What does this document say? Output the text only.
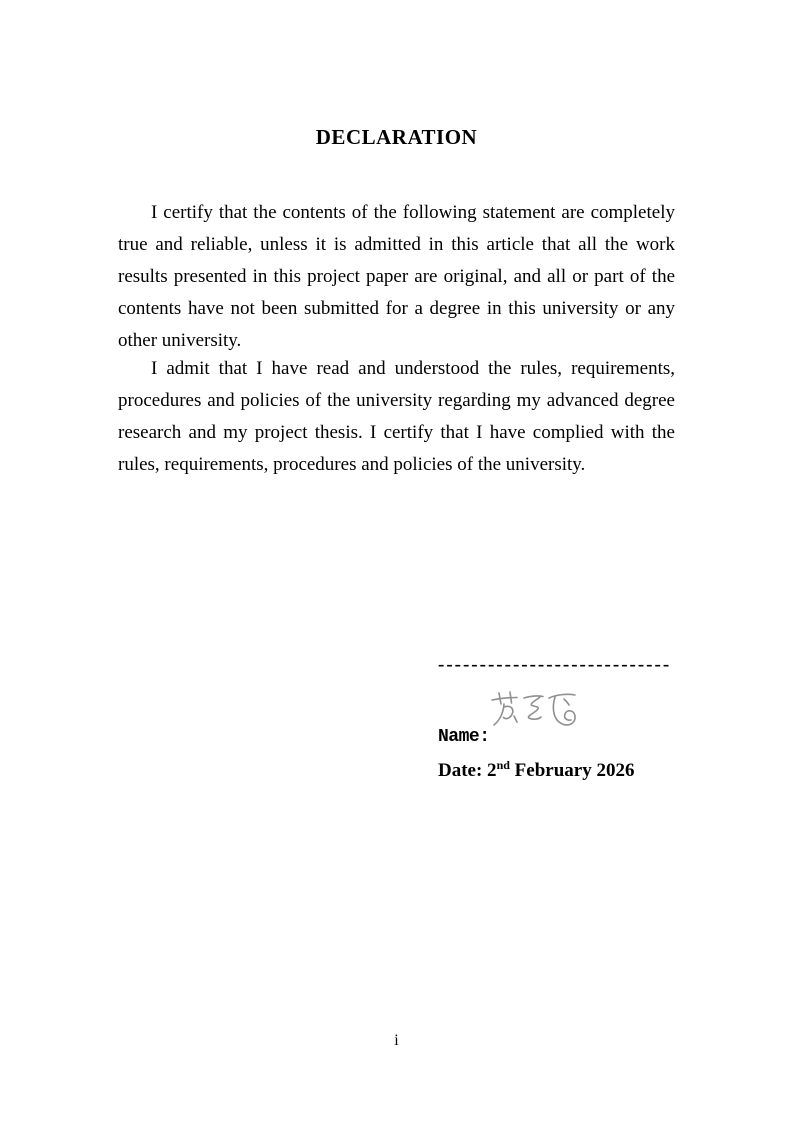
DECLARATION

I certify that the contents of the following statement are completely true and reliable, unless it is admitted in this article that all the work results presented in this project paper are original, and all or part of the contents have not been submitted for a degree in this university or any other university.

I admit that I have read and understood the rules, requirements, procedures and policies of the university regarding my advanced degree research and my project thesis. I certify that I have complied with the rules, requirements, procedures and policies of the university.

----------------------------
Name:
Date: 2nd February 2026
i
